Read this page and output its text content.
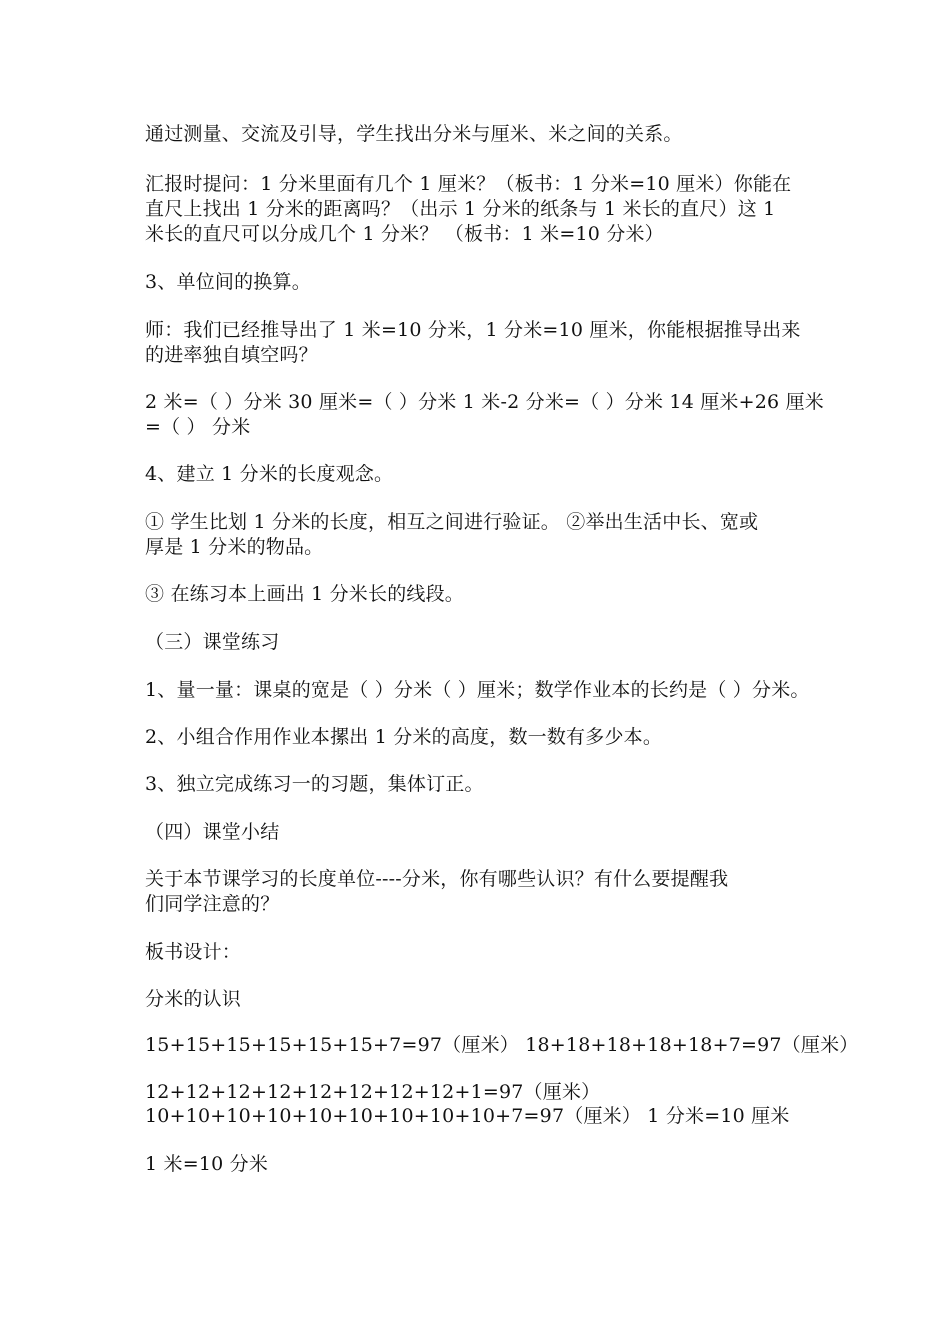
通过测量、交流及引导，学生找出分米与厘米、米之间的关系。
汇报时提问：1 分米里面有几个 1 厘米？（板书：1 分米=10 厘米）你能在
直尺上找出 1 分米的距离吗？（出示 1 分米的纸条与 1 米长的直尺）这 1
米长的直尺可以分成几个 1 分米？ （板书：1 米=10 分米）
3、单位间的换算。
师：我们已经推导出了 1 米=10 分米，1 分米=10 厘米，你能根据推导出来
的进率独自填空吗？
2 米=（ ）分米 30 厘米=（ ）分米 1 米-2 分米=（ ）分米 14 厘米+26 厘米
=（ ） 分米
4、建立 1 分米的长度观念。
① 学生比划 1 分米的长度，相互之间进行验证。 ②举出生活中长、宽或
厚是 1 分米的物品。
③ 在练习本上画出 1 分米长的线段。
（三）课堂练习
1、量一量：课桌的宽是（ ）分米（ ）厘米；数学作业本的长约是（ ）分米。
2、小组合作用作业本摞出 1 分米的高度，数一数有多少本。
3、独立完成练习一的习题，集体订正。
（四）课堂小结
关于本节课学习的长度单位----分米，你有哪些认识？有什么要提醒我
们同学注意的？
板书设计：
分米的认识
15+15+15+15+15+15+7=97（厘米） 18+18+18+18+18+7=97（厘米）
12+12+12+12+12+12+12+12+1=97（厘米）
10+10+10+10+10+10+10+10+10+7=97（厘米） 1 分米=10 厘米
1 米=10 分米
